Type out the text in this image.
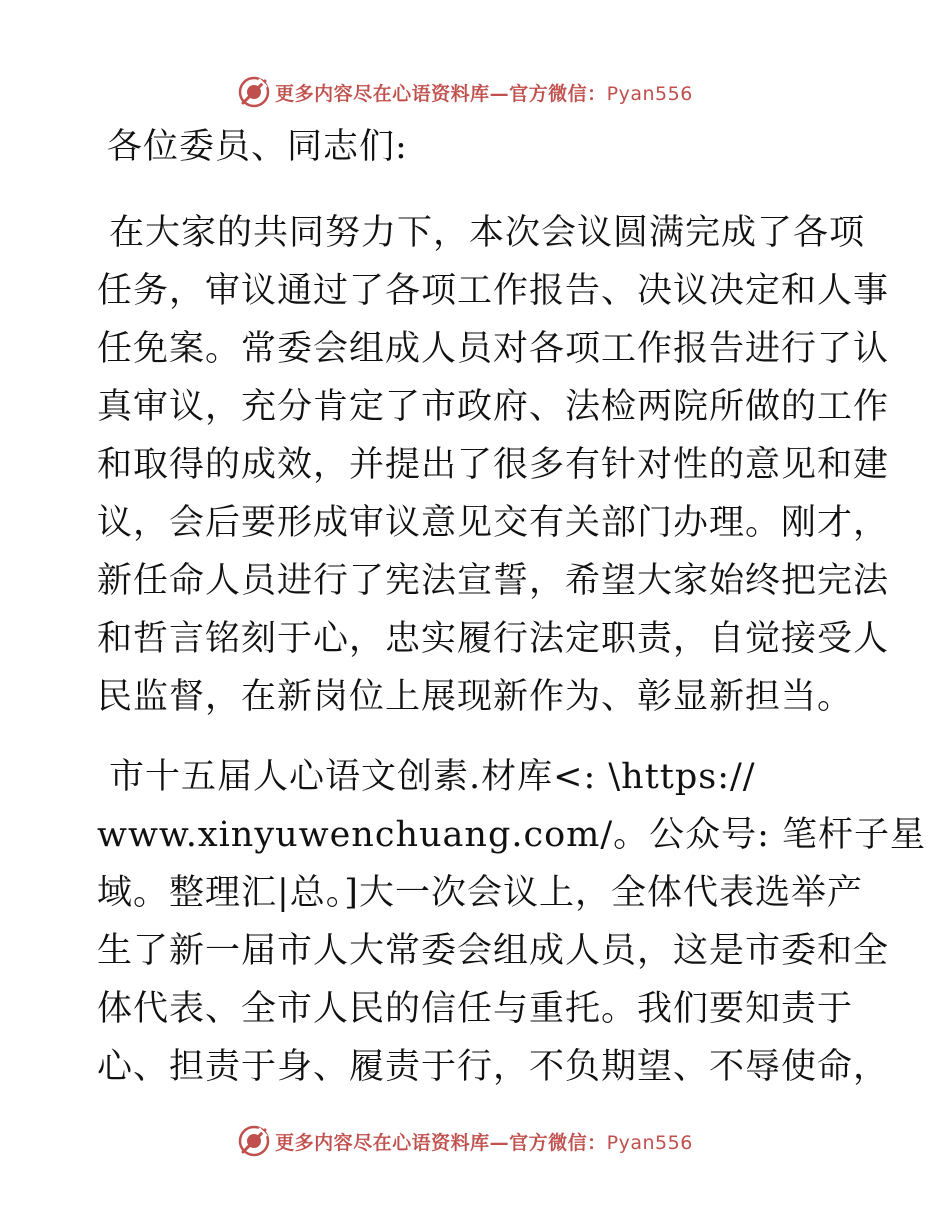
更多内容尽在心语资料库—官方微信：Pyan556

各位委员、同志们:

在大家的共同努力下，本次会议圆满完成了各项
任务，审议通过了各项工作报告、决议决定和人事
任免案。常委会组成人员对各项工作报告进行了认
真审议，充分肯定了市政府、法检两院所做的工作
和取得的成效，并提出了很多有针对性的意见和建
议，会后要形成审议意见交有关部门办理。刚才，
新任命人员进行了宪法宣誓，希望大家始终把完法
和哲言铭刻于心，忠实履行法定职责，自觉接受人
民监督，在新岗位上展现新作为、彰显新担当。
市十五届人心语文创素.材库<: \https://
www.xinyuwenchuang.com/。公众号: 笔杆子星
域。整理汇|总。]大一次会议上，全体代表选举产
生了新一届市人大常委会组成人员，这是市委和全
体代表、全市人民的信任与重托。我们要知责于
心、担责于身、履责于行，不负期望、不辱使命，
更多内容尽在心语资料库—官方微信：Pyan556
